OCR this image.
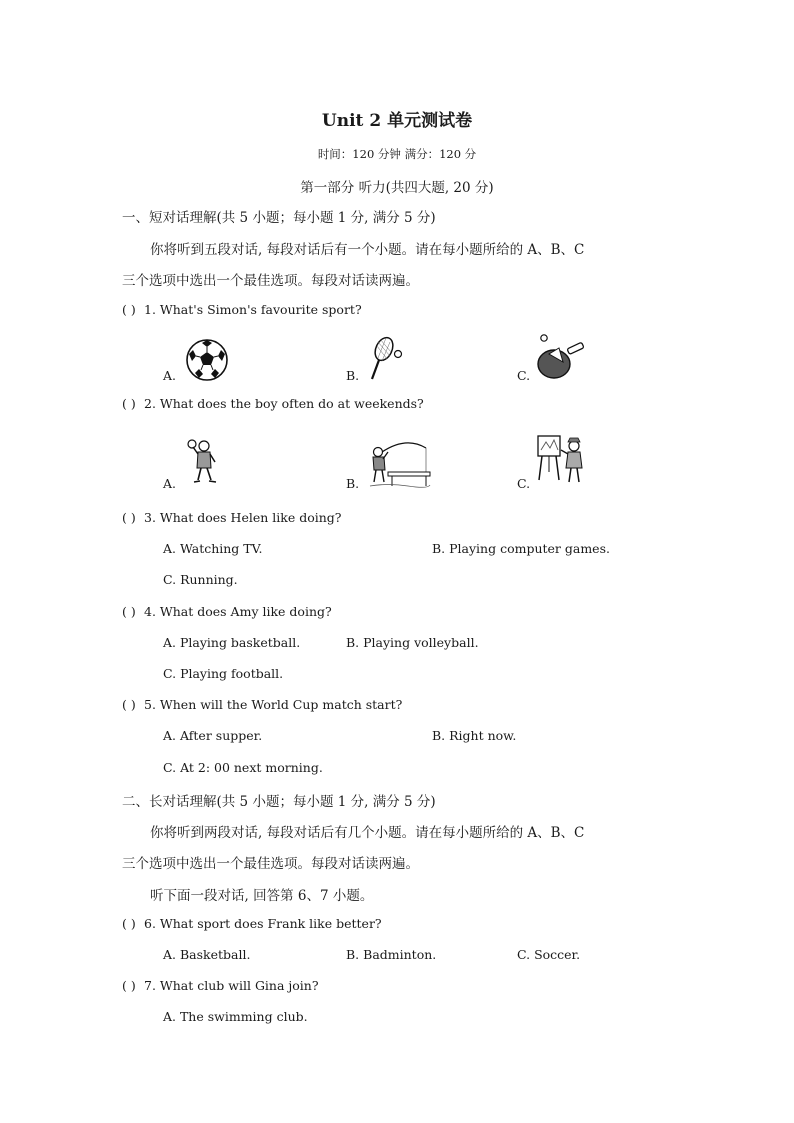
Unit 2 单元测试卷
时间：120 分钟 满分：120 分
第一部分 听力(共四大题, 20 分)
一、短对话理解(共 5 小题；每小题 1 分, 满分 5 分)
你将听到五段对话, 每段对话后有一个小题。请在每小题所给的 A、B、C
三个选项中选出一个最佳选项。每段对话读两遍。
( ) 1. What's Simon's favourite sport?
A.	B.	C.
( ) 2. What does the boy often do at weekends?
A.	B.	C.
( ) 3. What does Helen like doing?
A. Watching TV.	B. Playing computer games.
C. Running.
( ) 4. What does Amy like doing?
A. Playing basketball.	B. Playing volleyball.
C. Playing football.
( ) 5. When will the World Cup match start?
A. After supper.	B. Right now.
C. At 2: 00 next morning.
二、长对话理解(共 5 小题；每小题 1 分, 满分 5 分)
你将听到两段对话, 每段对话后有几个小题。请在每小题所给的 A、B、C
三个选项中选出一个最佳选项。每段对话读两遍。
听下面一段对话, 回答第 6、7 小题。
( ) 6. What sport does Frank like better?
A. Basketball.	B. Badminton.	C. Soccer.
( ) 7. What club will Gina join?
A. The swimming club.
